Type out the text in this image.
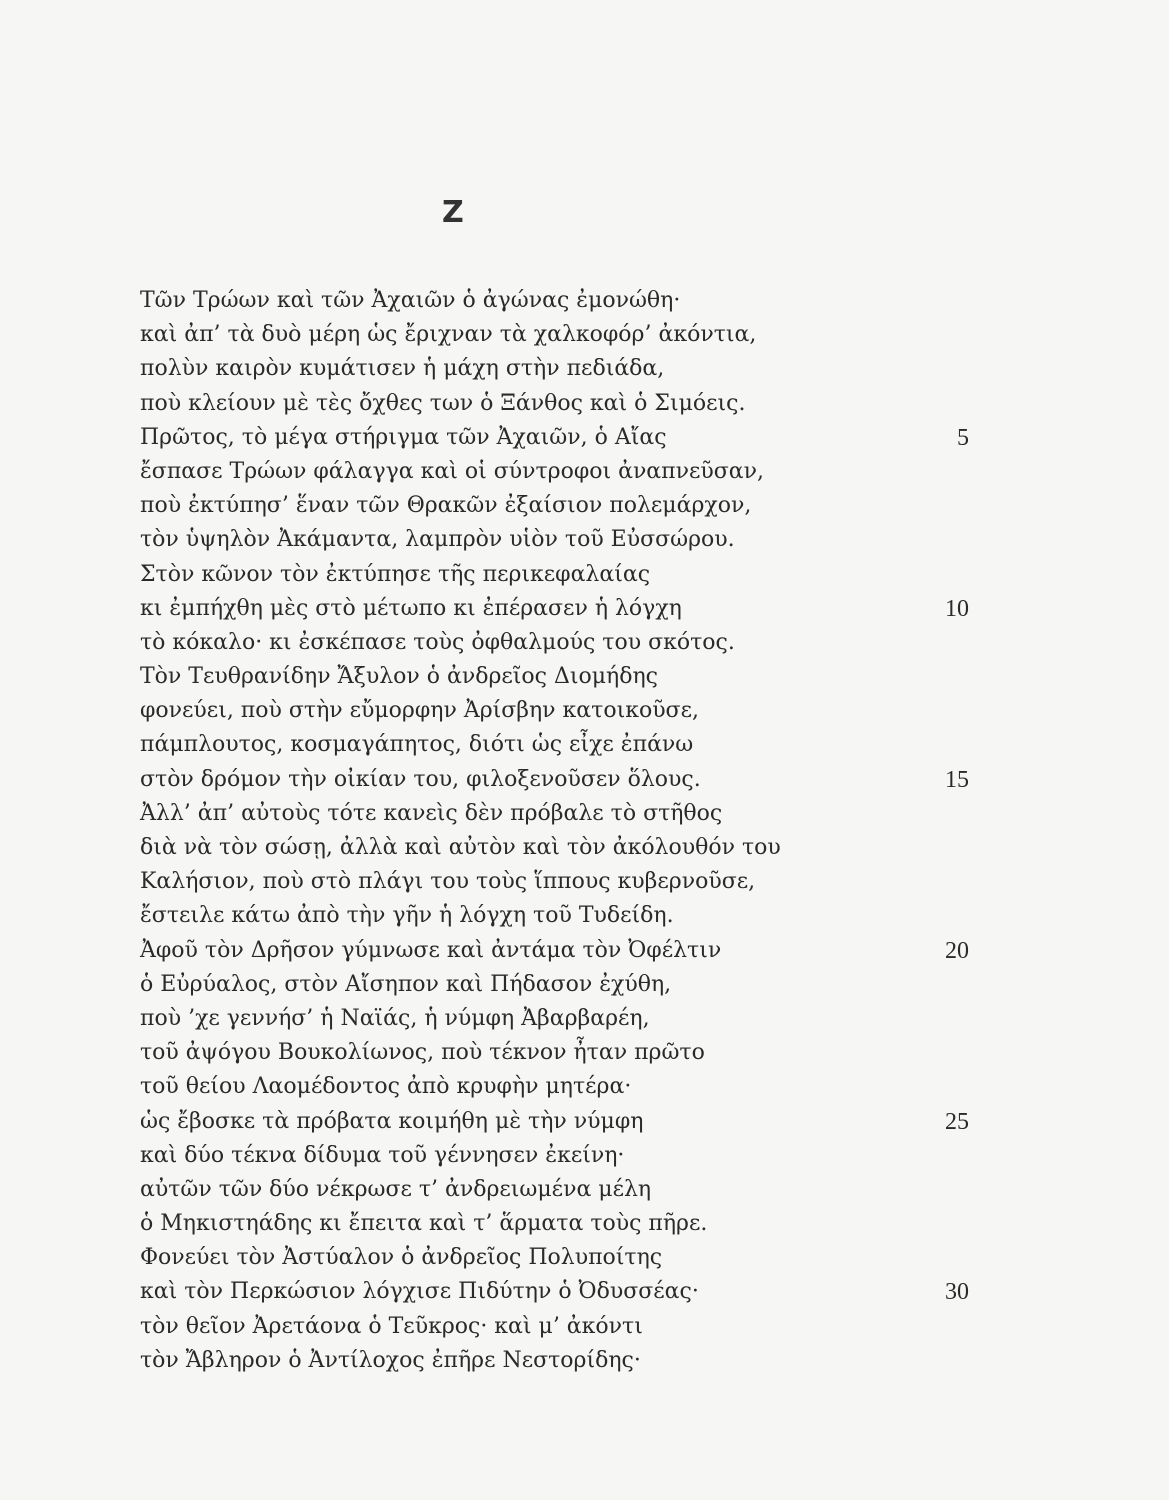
Z
Τῶν Τρώων καὶ τῶν Ἀχαιῶν ὁ ἀγώνας ἐμονώθη·
καὶ ἀπ’ τὰ δυὸ μέρη ὡς ἔριχναν τὰ χαλκοφόρ’ ἀκόντια,
πολὺν καιρὸν κυμάτισεν ἡ μάχη στὴν πεδιάδα,
ποὺ κλείουν μὲ τὲς ὄχθες των ὁ Ξάνθος καὶ ὁ Σιμόεις.
Πρῶτος, τὸ μέγα στήριγμα τῶν Ἀχαιῶν, ὁ Αἴας	5
ἔσπασε Τρώων φάλαγγα καὶ οἱ σύντροφοι ἀναπνεῦσαν,
ποὺ ἐκτύπησ’ ἕναν τῶν Θρακῶν ἐξαίσιον πολεμάρχον,
τὸν ὑψηλὸν Ἀκάμαντα, λαμπρὸν υἱὸν τοῦ Εὐσσώρου.
Στὸν κῶνον τὸν ἐκτύπησε τῆς περικεφαλαίας
κι ἐμπήχθη μὲς στὸ μέτωπο κι ἐπέρασεν ἡ λόγχη	10
τὸ κόκαλο· κι ἐσκέπασε τοὺς ὀφθαλμούς του σκότος.
Τὸν Τευθρανίδην Ἄξυλον ὁ ἀνδρεῖος Διομήδης
φονεύει, ποὺ στὴν εὔμορφην Ἀρίσβην κατοικοῦσε,
πάμπλουτος, κοσμαγάπητος, διότι ὡς εἶχε ἐπάνω
στὸν δρόμον τὴν οἰκίαν του, φιλοξενοῦσεν ὅλους.	15
Ἀλλ’ ἀπ’ αὐτοὺς τότε κανεὶς δὲν πρόβαλε τὸ στῆθος
διὰ νὰ τὸν σώσῃ, ἀλλὰ καὶ αὐτὸν καὶ τὸν ἀκόλουθόν του
Καλήσιον, ποὺ στὸ πλάγι του τοὺς ἵππους κυβερνοῦσε,
ἔστειλε κάτω ἀπὸ τὴν γῆν ἡ λόγχη τοῦ Τυδείδη.
Ἀφοῦ τὸν Δρῆσον γύμνωσε καὶ ἀντάμα τὸν Ὀφέλτιν	20
ὁ Εὐρύαλος, στὸν Αἴσηπον καὶ Πήδασον ἐχύθη,
ποὺ ’χε γεννήσ’ ἡ Ναϊάς, ἡ νύμφη Ἀβαρβαρέη,
τοῦ ἀψόγου Βουκολίωνος, ποὺ τέκνον ἦταν πρῶτο
τοῦ θείου Λαομέδοντος ἀπὸ κρυφὴν μητέρα·
ὡς ἔβοσκε τὰ πρόβατα κοιμήθη μὲ τὴν νύμφη	25
καὶ δύο τέκνα δίδυμα τοῦ γέννησεν ἐκείνη·
αὐτῶν τῶν δύο νέκρωσε τ’ ἀνδρειωμένα μέλη
ὁ Μηκιστηάδης κι ἔπειτα καὶ τ’ ἅρματα τοὺς πῆρε.
Φονεύει τὸν Ἀστύαλον ὁ ἀνδρεῖος Πολυποίτης
καὶ τὸν Περκώσιον λόγχισε Πιδύτην ὁ Ὀδυσσέας·	30
τὸν θεῖον Ἀρετάονα ὁ Τεῦκρος· καὶ μ’ ἀκόντι
τὸν Ἄβληρον ὁ Ἀντίλοχος ἐπῆρε Νεστορίδης·
